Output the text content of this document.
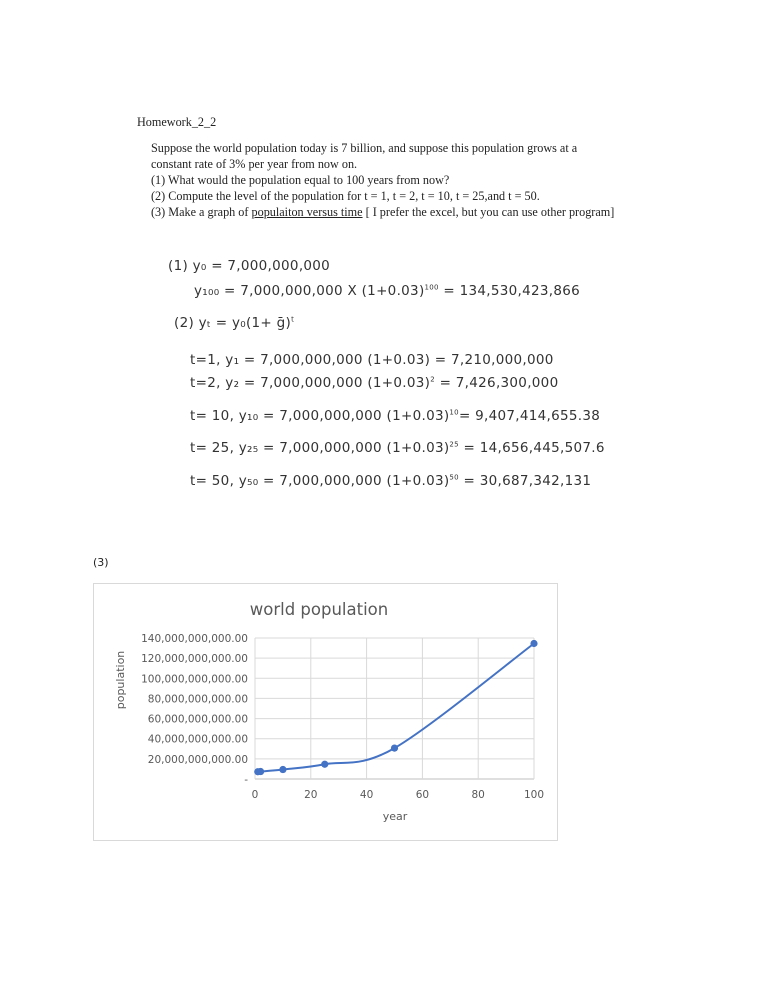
Homework_2_2

Suppose the world population today is 7 billion, and suppose this population grows at a constant rate of 3% per year from now on.

(1) What would the population equal to 100 years from now?

(2) Compute the level of the population for t = 1, t = 2, t = 10, t = 25,and t = 50.

(3) Make a graph of populaiton versus time [ I prefer the excel, but you can use other program]

(1) y₀ = 7,000,000,000
y₁₀₀ = 7,000,000,000 X $(1+0.03)^{100} = 134,530,423,866$
(2) yₜ = y₀(1+ ḡ)$^t$
t=1, y₁ = 7,000,000,000 (1+0.03) = 7,210,000,000
t=2, y₂ = 7,000,000,000 $(1+0.03)^2 = 7,426,300,000$
t= 10, y₁₀ = 7,000,000,000 $(1+0.03)^{10}= 9,407,414,655.38$
t= 25, y₂₅ = 7,000,000,000 $(1+0.03)^{25} = 14,656,445,507.6$
t= 50, y₅₀ = 7,000,000,000 $(1+0.03)^{50} = 30,687,342,131$
(3)
world population
population
year
-
20,000,000,000.00
40,000,000,000.00
60,000,000,000.00
80,000,000,000.00
100,000,000,000.00
120,000,000,000.00
140,000,000,000.00
0	20	40	60	80	100
